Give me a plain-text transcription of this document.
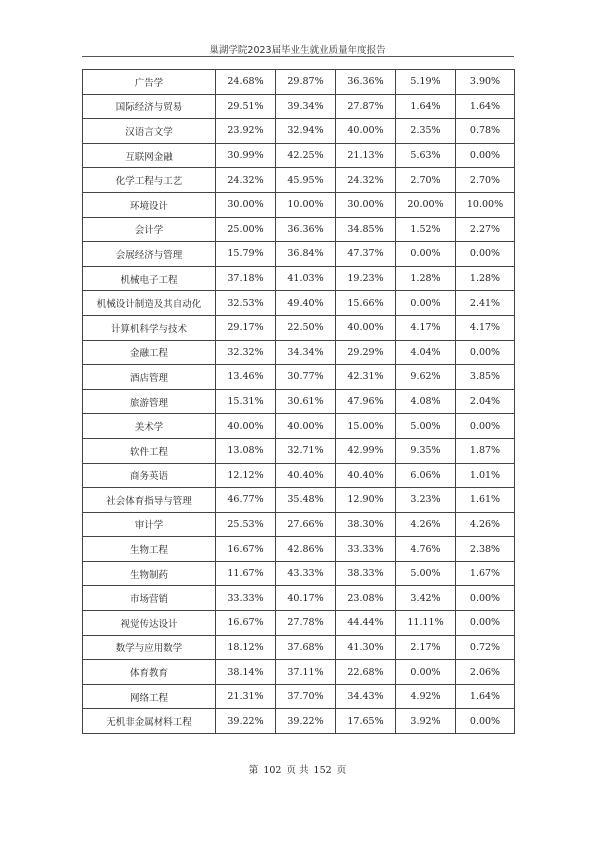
巢湖学院2023届毕业生就业质量年度报告
广告学	24.68%	29.87%	36.36%	5.19%	3.90%
国际经济与贸易	29.51%	39.34%	27.87%	1.64%	1.64%
汉语言文学	23.92%	32.94%	40.00%	2.35%	0.78%
互联网金融	30.99%	42.25%	21.13%	5.63%	0.00%
化学工程与工艺	24.32%	45.95%	24.32%	2.70%	2.70%
环境设计	30.00%	10.00%	30.00%	20.00%	10.00%
会计学	25.00%	36.36%	34.85%	1.52%	2.27%
会展经济与管理	15.79%	36.84%	47.37%	0.00%	0.00%
机械电子工程	37.18%	41.03%	19.23%	1.28%	1.28%
机械设计制造及其自动化	32.53%	49.40%	15.66%	0.00%	2.41%
计算机科学与技术	29.17%	22.50%	40.00%	4.17%	4.17%
金融工程	32.32%	34.34%	29.29%	4.04%	0.00%
酒店管理	13.46%	30.77%	42.31%	9.62%	3.85%
旅游管理	15.31%	30.61%	47.96%	4.08%	2.04%
美术学	40.00%	40.00%	15.00%	5.00%	0.00%
软件工程	13.08%	32.71%	42.99%	9.35%	1.87%
商务英语	12.12%	40.40%	40.40%	6.06%	1.01%
社会体育指导与管理	46.77%	35.48%	12.90%	3.23%	1.61%
审计学	25.53%	27.66%	38.30%	4.26%	4.26%
生物工程	16.67%	42.86%	33.33%	4.76%	2.38%
生物制药	11.67%	43.33%	38.33%	5.00%	1.67%
市场营销	33.33%	40.17%	23.08%	3.42%	0.00%
视觉传达设计	16.67%	27.78%	44.44%	11.11%	0.00%
数学与应用数学	18.12%	37.68%	41.30%	2.17%	0.72%
体育教育	38.14%	37.11%	22.68%	0.00%	2.06%
网络工程	21.31%	37.70%	34.43%	4.92%	1.64%
无机非金属材料工程	39.22%	39.22%	17.65%	3.92%	0.00%
第 102 页 共 152 页
